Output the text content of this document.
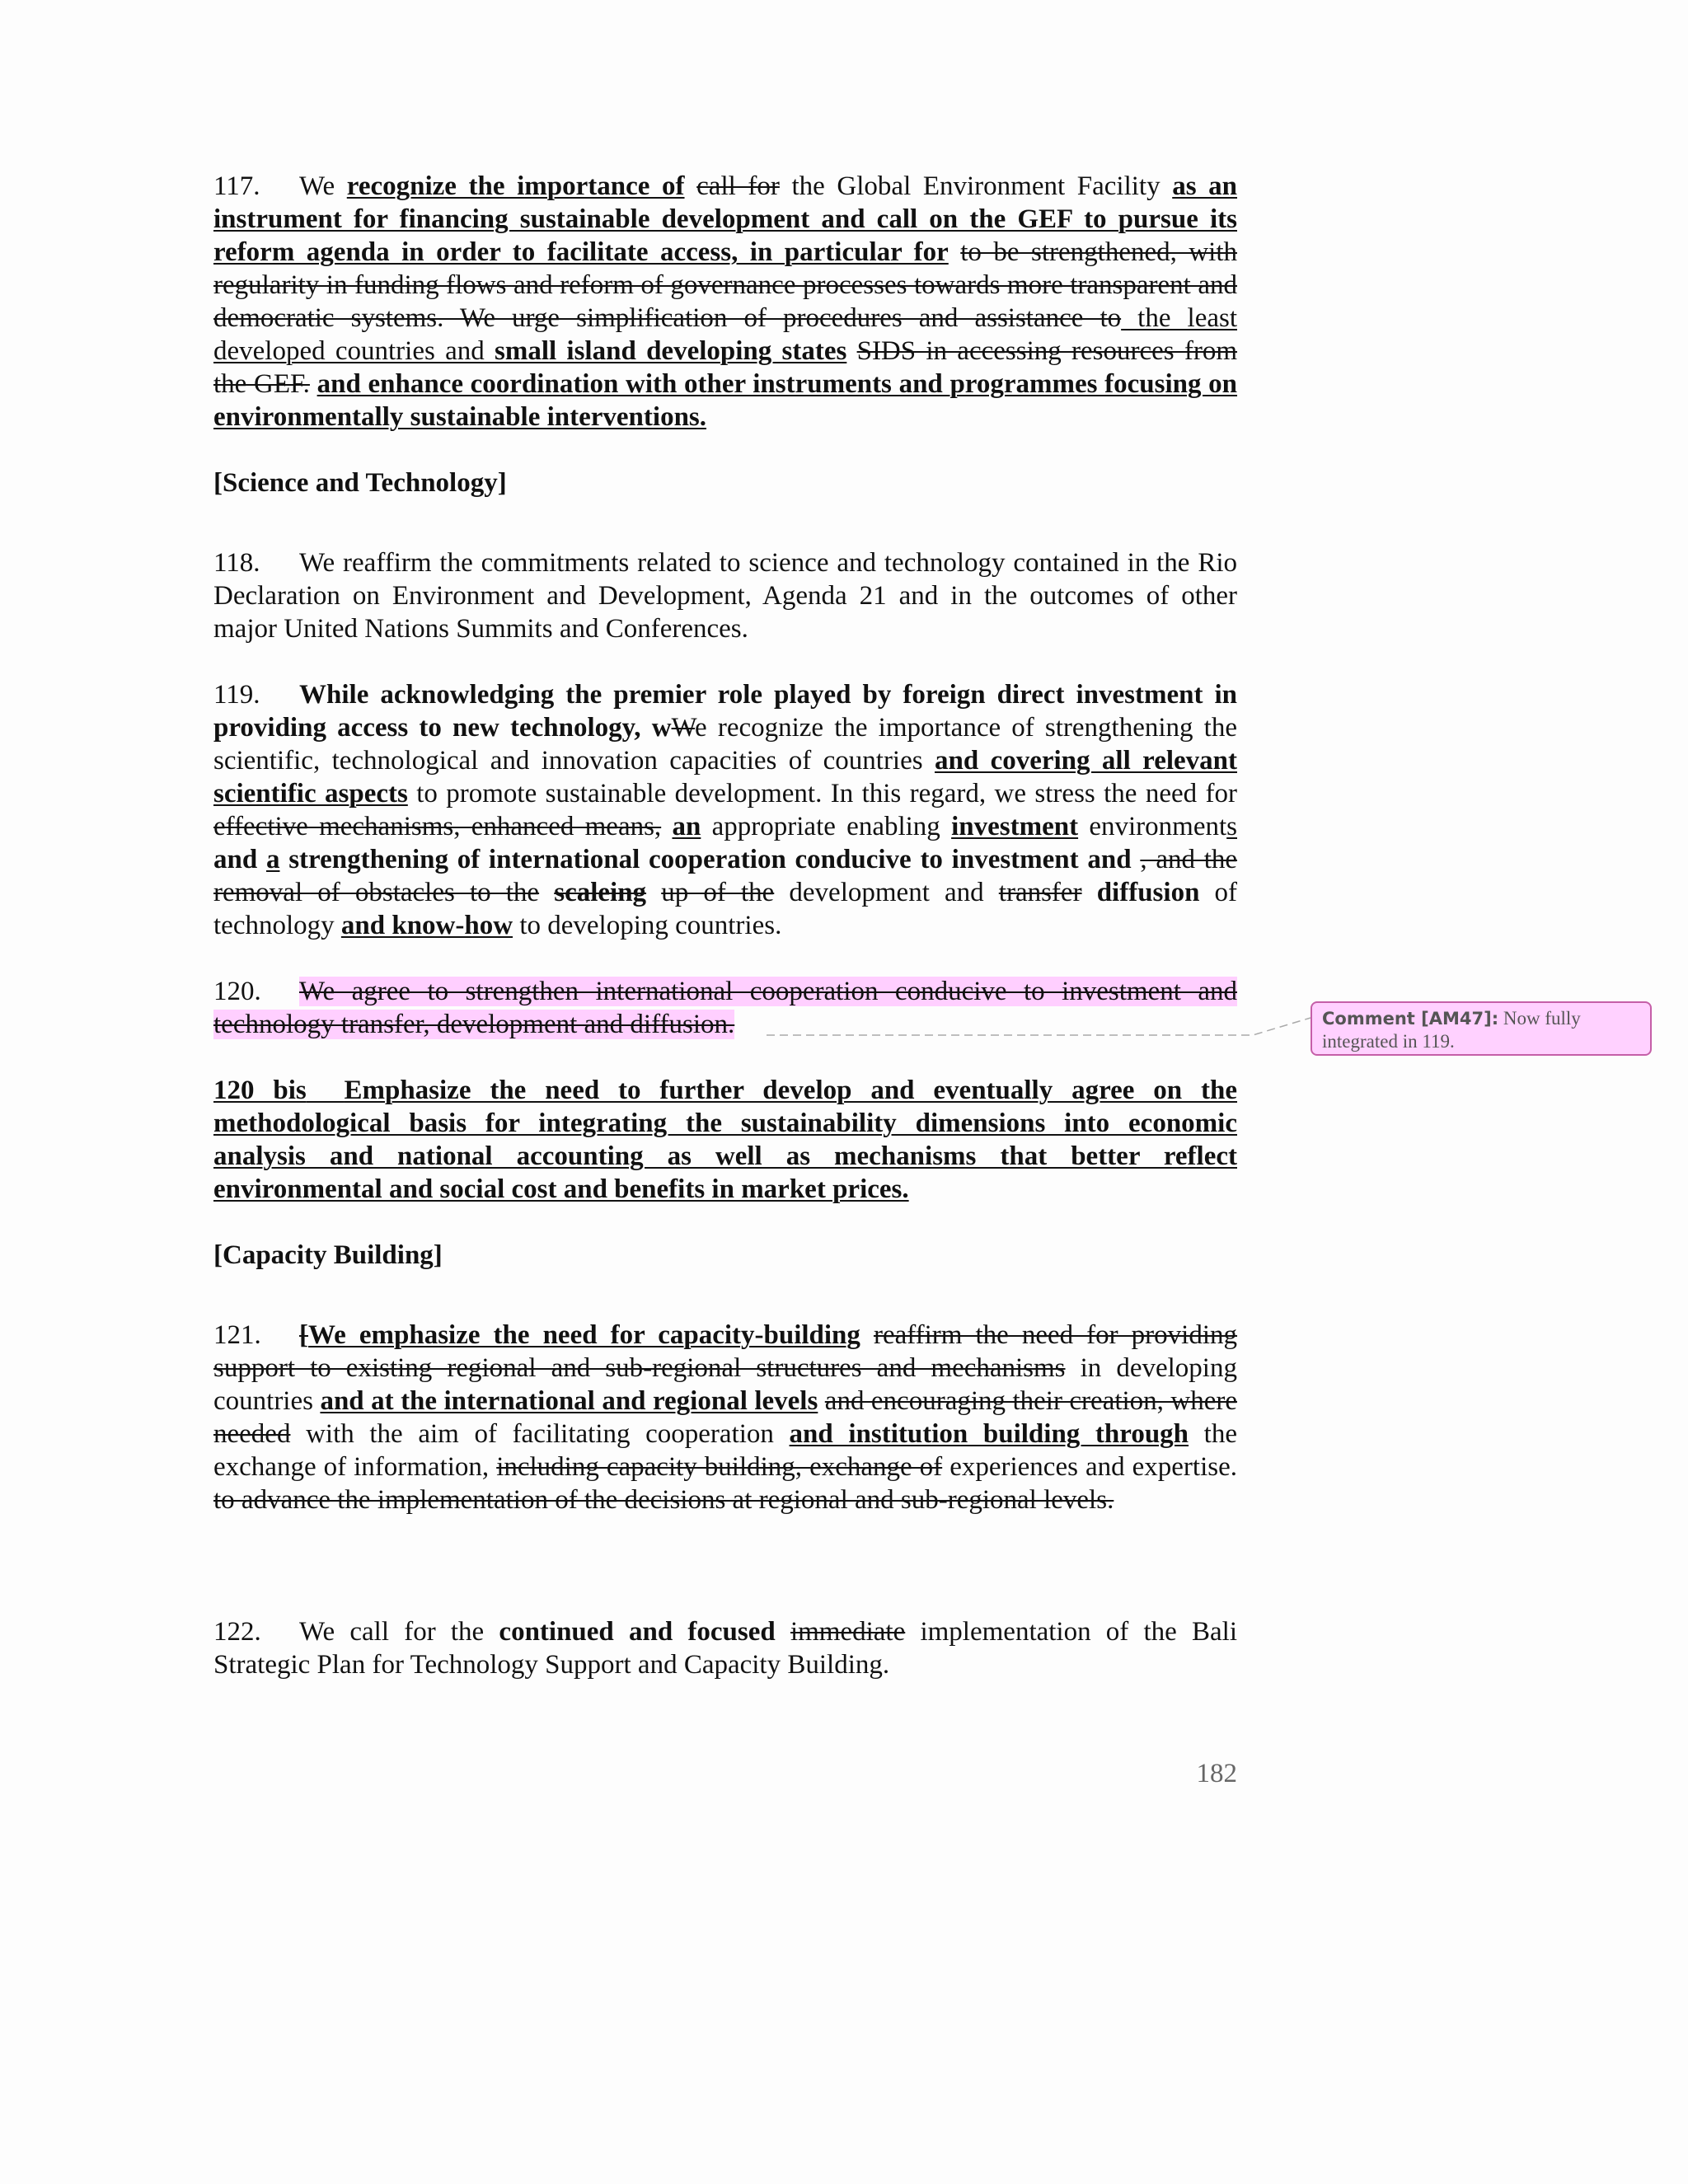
117. We recognize the importance of call for the Global Environment Facility as an instrument for financing sustainable development and call on the GEF to pursue its reform agenda in order to facilitate access, in particular for to be strengthened, with regularity in funding flows and reform of governance processes towards more transparent and democratic systems. We urge simplification of procedures and assistance to the least developed countries and small island developing states SIDS in accessing resources from the GEF. and enhance coordination with other instruments and programmes focusing on environmentally sustainable interventions.

[Science and Technology]

118. We reaffirm the commitments related to science and technology contained in the Rio Declaration on Environment and Development, Agenda 21 and in the outcomes of other major United Nations Summits and Conferences.

119. While acknowledging the premier role played by foreign direct investment in providing access to new technology, wWe recognize the importance of strengthening the scientific, technological and innovation capacities of countries and covering all relevant scientific aspects to promote sustainable development. In this regard, we stress the need for effective mechanisms, enhanced means, an appropriate enabling investment environments and a strengthening of international cooperation conducive to investment and , and the removal of obstacles to the scaleing up of the development and transfer diffusion of technology and know-how to developing countries.

120. We agree to strengthen international cooperation conducive to investment and technology transfer, development and diffusion.

120 bis Emphasize the need to further develop and eventually agree on the methodological basis for integrating the sustainability dimensions into economic analysis and national accounting as well as mechanisms that better reflect environmental and social cost and benefits in market prices.

[Capacity Building]

121. [We emphasize the need for capacity-building reaffirm the need for providing support to existing regional and sub-regional structures and mechanisms in developing countries and at the international and regional levels and encouraging their creation, where needed with the aim of facilitating cooperation and institution building through the exchange of information, including capacity building, exchange of experiences and expertise. to advance the implementation of the decisions at regional and sub-regional levels.

122. We call for the continued and focused immediate implementation of the Bali Strategic Plan for Technology Support and Capacity Building.

Comment [AM47]: Now fully integrated in 119.
182
